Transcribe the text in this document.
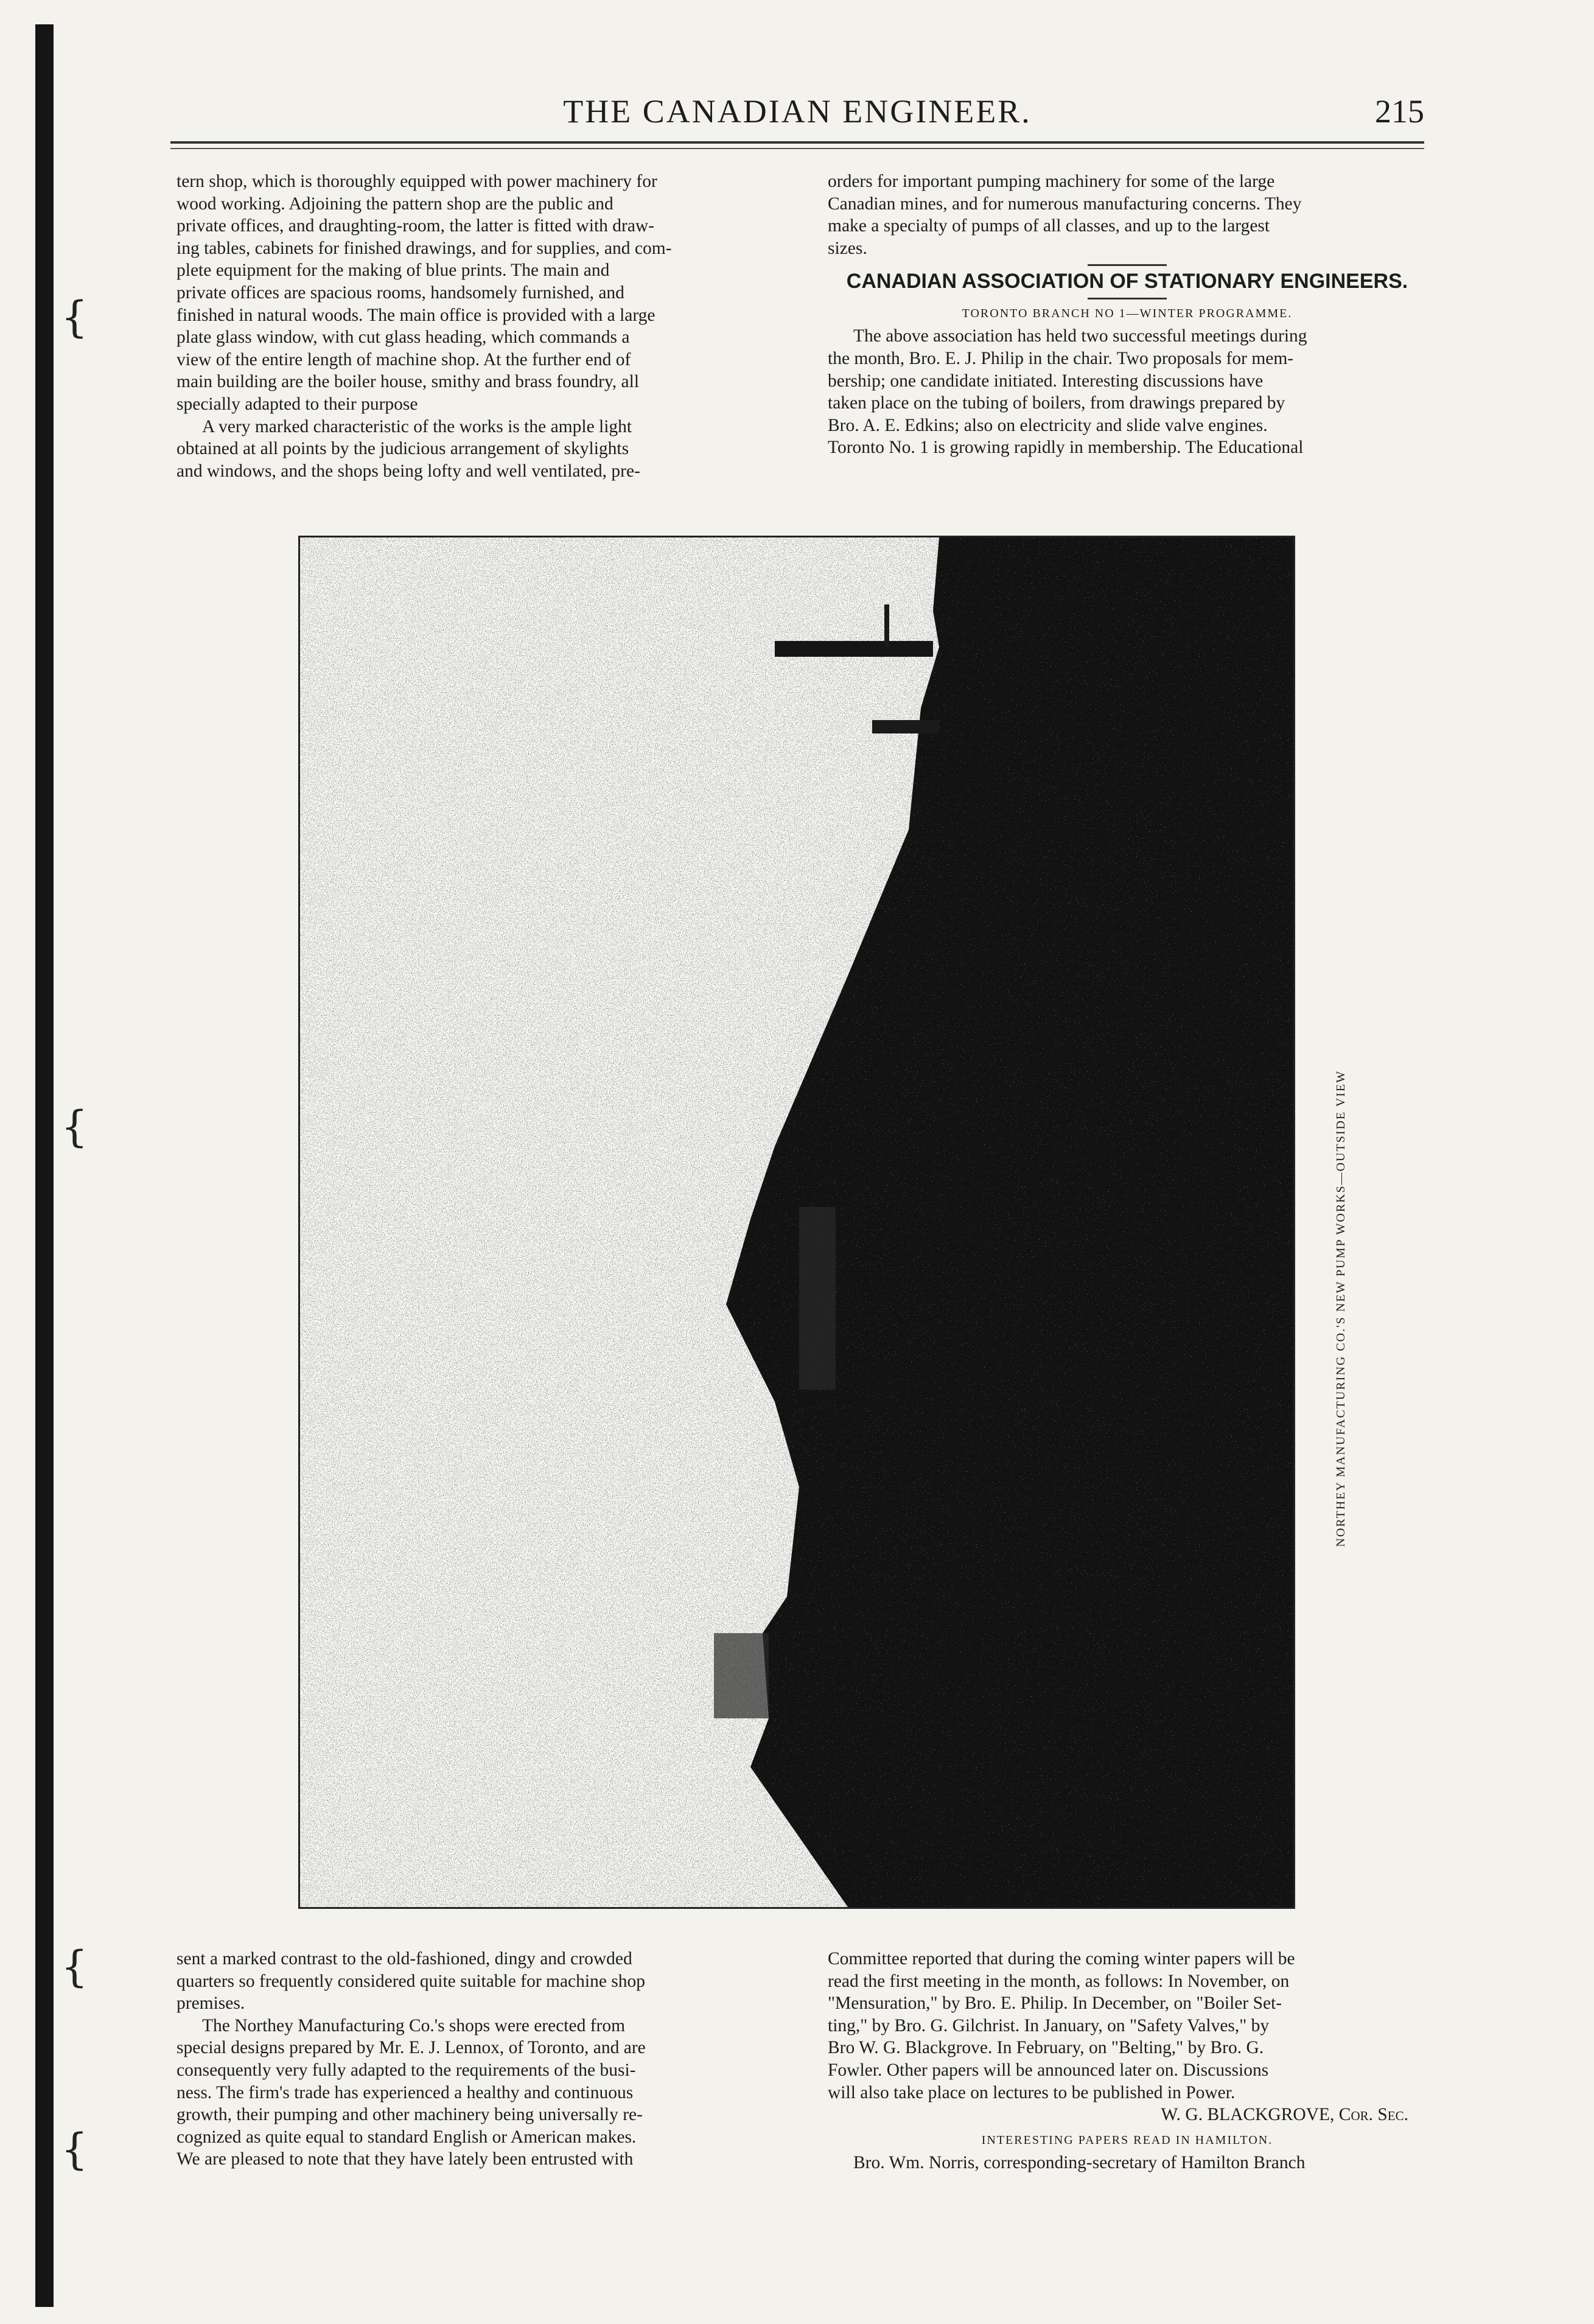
{
{
{
{
THE CANADIAN ENGINEER.	215

tern shop, which is thoroughly equipped with power machinery for

wood working. Adjoining the pattern shop are the public and

private offices, and draughting-room, the latter is fitted with draw-

ing tables, cabinets for finished drawings, and for supplies, and com-

plete equipment for the making of blue prints. The main and

private offices are spacious rooms, handsomely furnished, and

finished in natural woods. The main office is provided with a large

plate glass window, with cut glass heading, which commands a

view of the entire length of machine shop. At the further end of

main building are the boiler house, smithy and brass foundry, all

specially adapted to their purpose

A very marked characteristic of the works is the ample light

obtained at all points by the judicious arrangement of skylights

and windows, and the shops being lofty and well ventilated, pre-

orders for important pumping machinery for some of the large

Canadian mines, and for numerous manufacturing concerns. They

make a specialty of pumps of all classes, and up to the largest

sizes.

CANADIAN ASSOCIATION OF STATIONARY ENGINEERS.
TORONTO BRANCH NO 1—WINTER PROGRAMME.

The above association has held two successful meetings during

the month, Bro. E. J. Philip in the chair. Two proposals for mem-

bership; one candidate initiated. Interesting discussions have

taken place on the tubing of boilers, from drawings prepared by

Bro. A. E. Edkins; also on electricity and slide valve engines.

Toronto No. 1 is growing rapidly in membership. The Educational

NORTHEY MANUFACTURING CO.'S NEW PUMP WORKS—OUTSIDE VIEW

sent a marked contrast to the old-fashioned, dingy and crowded

quarters so frequently considered quite suitable for machine shop

premises.

The Northey Manufacturing Co.'s shops were erected from

special designs prepared by Mr. E. J. Lennox, of Toronto, and are

consequently very fully adapted to the requirements of the busi-

ness. The firm's trade has experienced a healthy and continuous

growth, their pumping and other machinery being universally re-

cognized as quite equal to standard English or American makes.

We are pleased to note that they have lately been entrusted with

Committee reported that during the coming winter papers will be

read the first meeting in the month, as follows: In November, on

"Mensuration," by Bro. E. Philip. In December, on "Boiler Set-

ting," by Bro. G. Gilchrist. In January, on "Safety Valves," by

Bro W. G. Blackgrove. In February, on "Belting," by Bro. G.

Fowler. Other papers will be announced later on. Discussions

will also take place on lectures to be published in Power.

W. G. BLACKGROVE, Cor. Sec.

INTERESTING PAPERS READ IN HAMILTON.

Bro. Wm. Norris, corresponding-secretary of Hamilton Branch
